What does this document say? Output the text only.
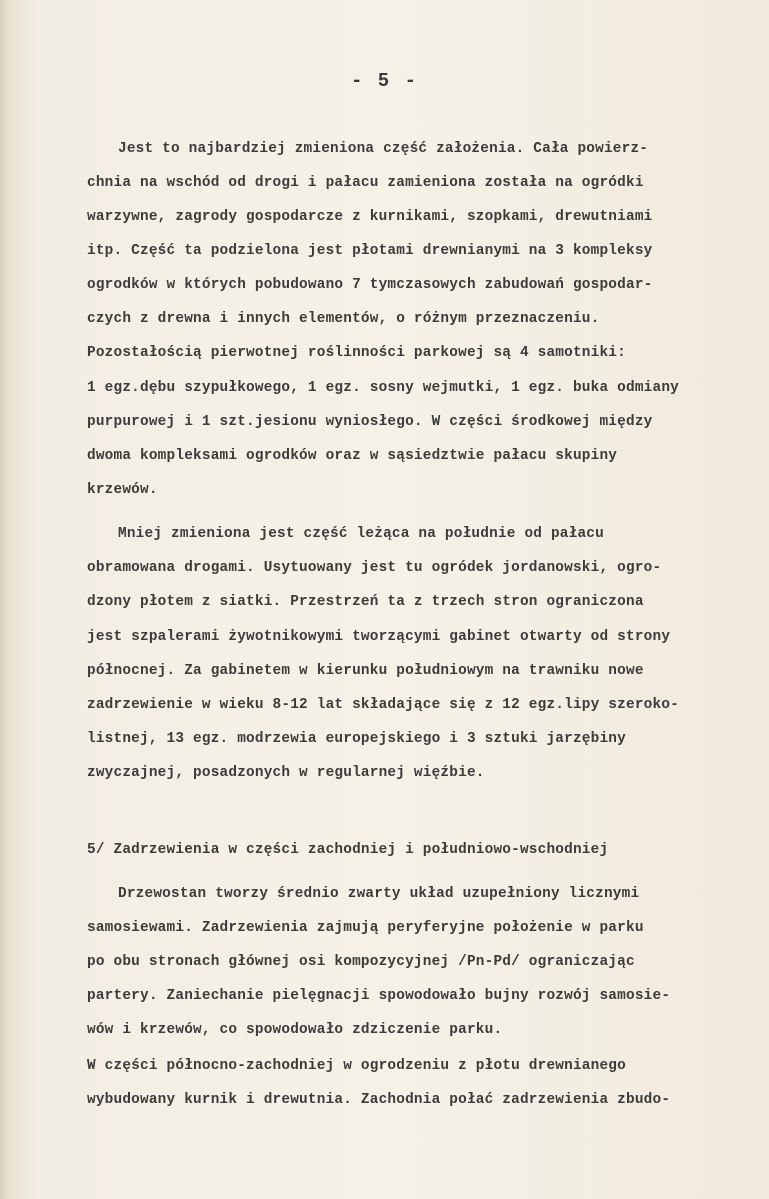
- 5 -
Jest to najbardziej zmieniona część założenia. Cała powierz-
chnia na wschód od drogi i pałacu zamieniona została na ogródki
warzywne, zagrody gospodarcze z kurnikami, szopkami, drewutniami
itp. Część ta podzielona jest płotami drewnianymi na 3 kompleksy
ogrodków w których pobudowano 7 tymczasowych zabudowań gospodar-
czych z drewna i innych elementów, o różnym przeznaczeniu.
Pozostałością pierwotnej roślinności parkowej są 4 samotniki:
1 egz.dębu szypułkowego, 1 egz. sosny wejmutki, 1 egz. buka odmiany
purpurowej i 1 szt.jesionu wyniosłego. W części środkowej między
dwoma kompleksami ogrodków oraz w sąsiedztwie pałacu skupiny
krzewów.
Mniej zmieniona jest część leżąca na południe od pałacu
obramowana drogami. Usytuowany jest tu ogródek jordanowski, ogro-
dzony płotem z siatki. Przestrzeń ta z trzech stron ograniczona
jest szpalerami żywotnikowymi tworzącymi gabinet otwarty od strony
północnej. Za gabinetem w kierunku południowym na trawniku nowe
zadrzewienie w wieku 8-12 lat składające się z 12 egz.lipy szeroko-
listnej, 13 egz. modrzewia europejskiego i 3 sztuki jarzębiny
zwyczajnej, posadzonych w regularnej więźbie.
5/ Zadrzewienia w części zachodniej i południowo-wschodniej
Drzewostan tworzy średnio zwarty układ uzupełniony licznymi
samosiewami. Zadrzewienia zajmują peryferyjne położenie w parku
po obu stronach głównej osi kompozycyjnej /Pn-Pd/ ograniczając
partery. Zaniechanie pielęgnacji spowodowało bujny rozwój samosie-
wów i krzewów, co spowodowało zdziczenie parku.
W części północno-zachodniej w ogrodzeniu z płotu drewnianego
wybudowany kurnik i drewutnia. Zachodnia połać zadrzewienia zbudo-
